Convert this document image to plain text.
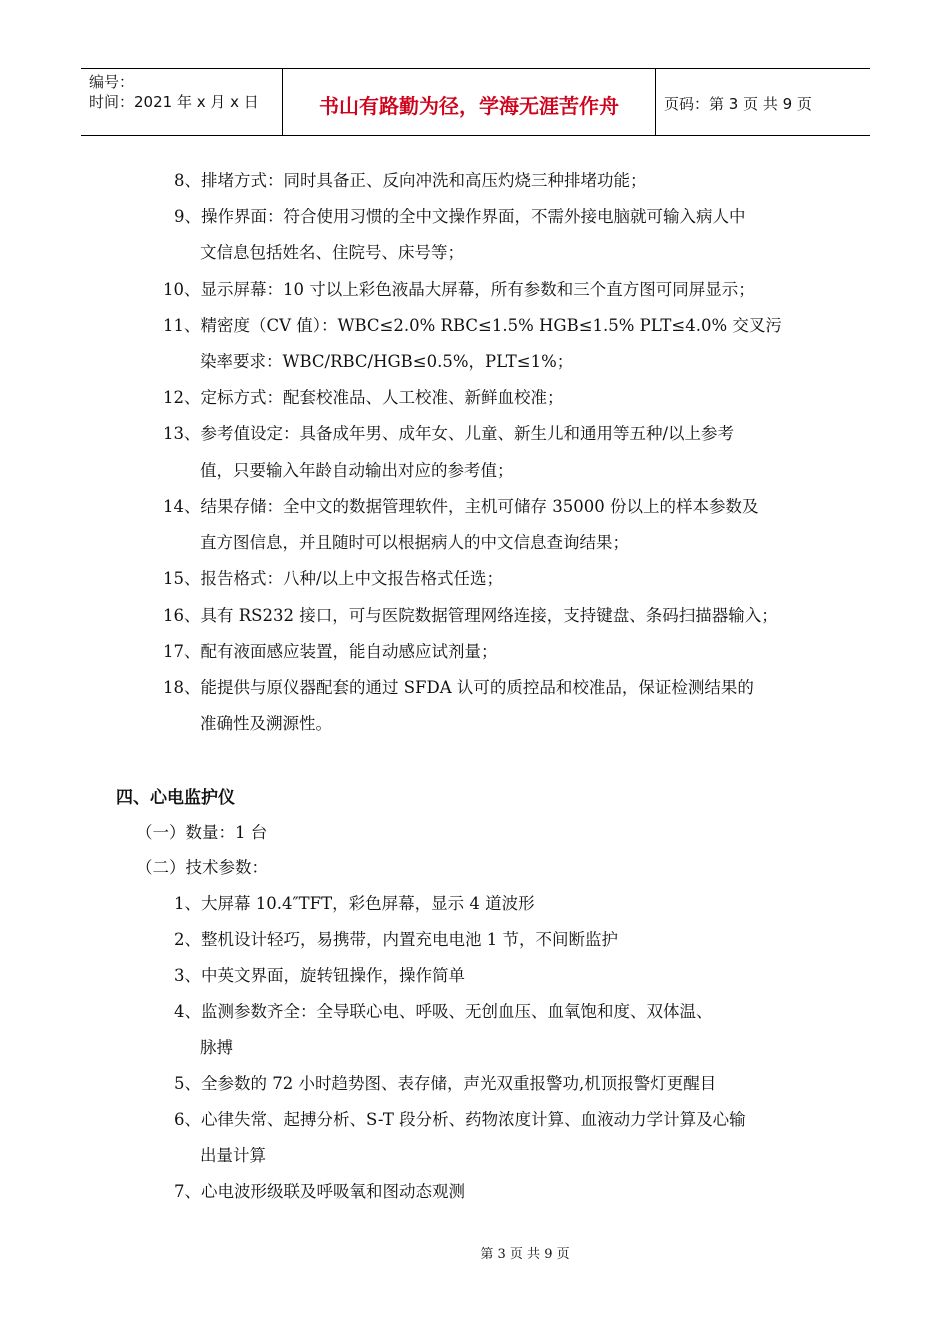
编号：
时间：2021 年 x 月 x 日	书山有路勤为径，学海无涯苦作舟	页码：第 3 页 共 9 页
8、排堵方式：同时具备正、反向冲洗和高压灼烧三种排堵功能；
9、操作界面：符合使用习惯的全中文操作界面，不需外接电脑就可输入病人中
文信息包括姓名、住院号、床号等；
10、显示屏幕：10 寸以上彩色液晶大屏幕，所有参数和三个直方图可同屏显示；
11、精密度（CV 值）：WBC≤2.0% RBC≤1.5% HGB≤1.5% PLT≤4.0% 交叉污
染率要求：WBC/RBC/HGB≤0.5%，PLT≤1%；
12、定标方式：配套校准品、人工校准、新鲜血校准；
13、参考值设定：具备成年男、成年女、儿童、新生儿和通用等五种/以上参考
值，只要输入年龄自动输出对应的参考值；
14、结果存储：全中文的数据管理软件，主机可储存 35000 份以上的样本参数及
直方图信息，并且随时可以根据病人的中文信息查询结果；
15、报告格式：八种/以上中文报告格式任选；
16、具有 RS232 接口，可与医院数据管理网络连接，支持键盘、条码扫描器输入；
17、配有液面感应装置，能自动感应试剂量；
18、能提供与原仪器配套的通过 SFDA 认可的质控品和校准品，保证检测结果的
准确性及溯源性。
四、心电监护仪
（一）数量：1 台
（二）技术参数：
1、大屏幕 10.4″TFT，彩色屏幕，显示 4 道波形
2、整机设计轻巧，易携带，内置充电电池 1 节，不间断监护
3、中英文界面，旋转钮操作，操作简单
4、监测参数齐全：全导联心电、呼吸、无创血压、血氧饱和度、双体温、
脉搏
5、全参数的 72 小时趋势图、表存储，声光双重报警功,机顶报警灯更醒目
6、心律失常、起搏分析、S-T 段分析、药物浓度计算、血液动力学计算及心输
出量计算
7、心电波形级联及呼吸氧和图动态观测
第 3 页 共 9 页
